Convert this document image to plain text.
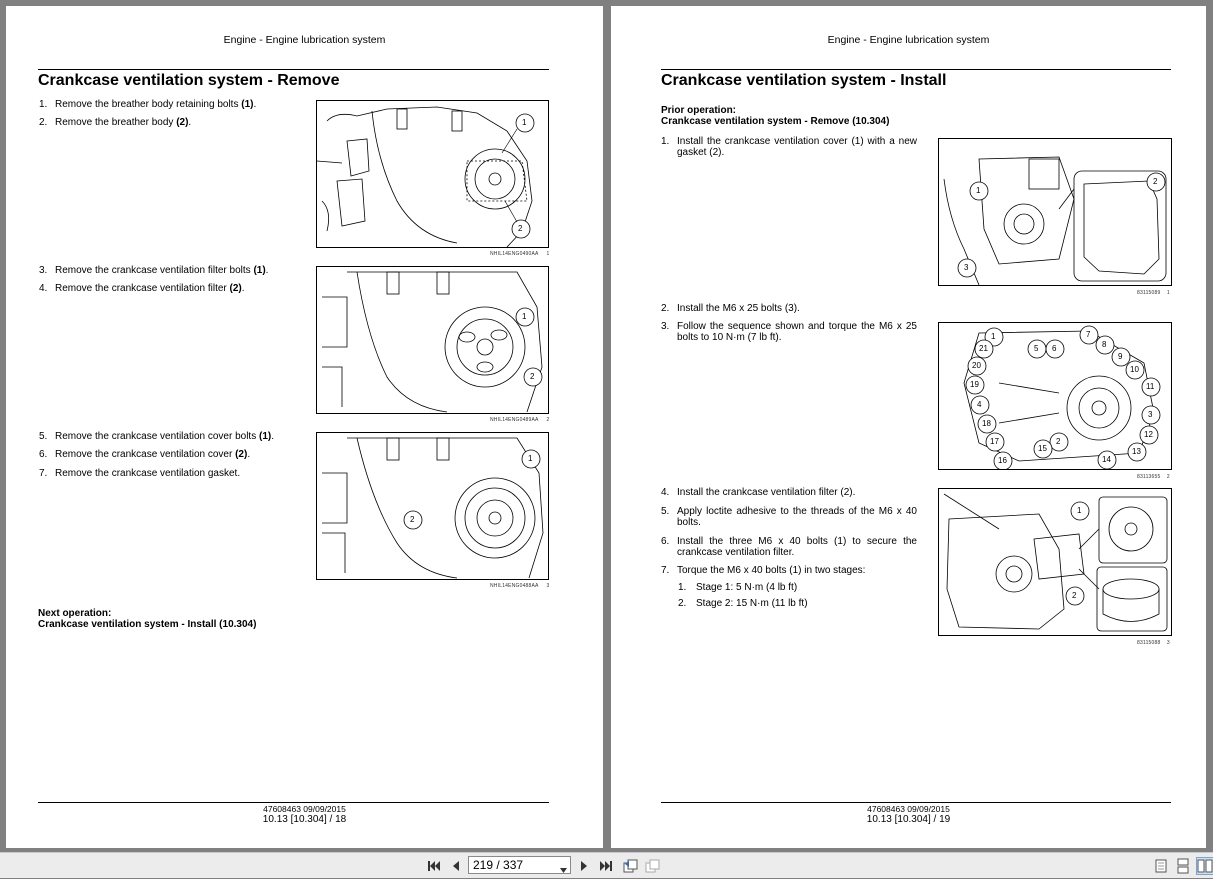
Engine - Engine lubrication system
Crankcase ventilation system - Remove
1. Remove the breather body retaining bolts (1).
2. Remove the breather body (2).	1
2
NHIL14ENG0490AA 1
3. Remove the crankcase ventilation filter bolts (1).
4. Remove the crankcase ventilation filter (2).
1
2
NHIL14ENG0489AA 2
5. Remove the crankcase ventilation cover bolts (1).
6. Remove the crankcase ventilation cover (2).
7. Remove the crankcase ventilation gasket.
1
2
NHIL14ENG0488AA 3
Next operation:
Crankcase ventilation system - Install (10.304)
47608463 09/09/2015
10.13 [10.304] / 18
Engine - Engine lubrication system
Crankcase ventilation system - Install
Prior operation:
Crankcase ventilation system - Remove (10.304)
1. Install the crankcase ventilation cover (1) with a new
gasket (2).
1
2
3
83115089 1
2. Install the M6 x 25 bolts (3).
3. Follow the sequence shown and torque the M6 x 25
bolts to 10 N·m (7 lb ft).	1
2
3
4
5 6
7
8
9
10
11
12
13
14
15
16
17
18
19
20
21
83113655 2
4. Install the crankcase ventilation filter (2).
5. Apply loctite adhesive to the threads of the M6 x 40
bolts.
6. Install the three M6 x 40 bolts (1) to secure the
crankcase ventilation filter.
7. Torque the M6 x 40 bolts (1) in two stages:
1. Stage 1: 5 N·m (4 lb ft)
2. Stage 2: 15 N·m (11 lb ft)
1
2
83115088 3
47608463 09/09/2015
10.13 [10.304] / 19
219 / 337
